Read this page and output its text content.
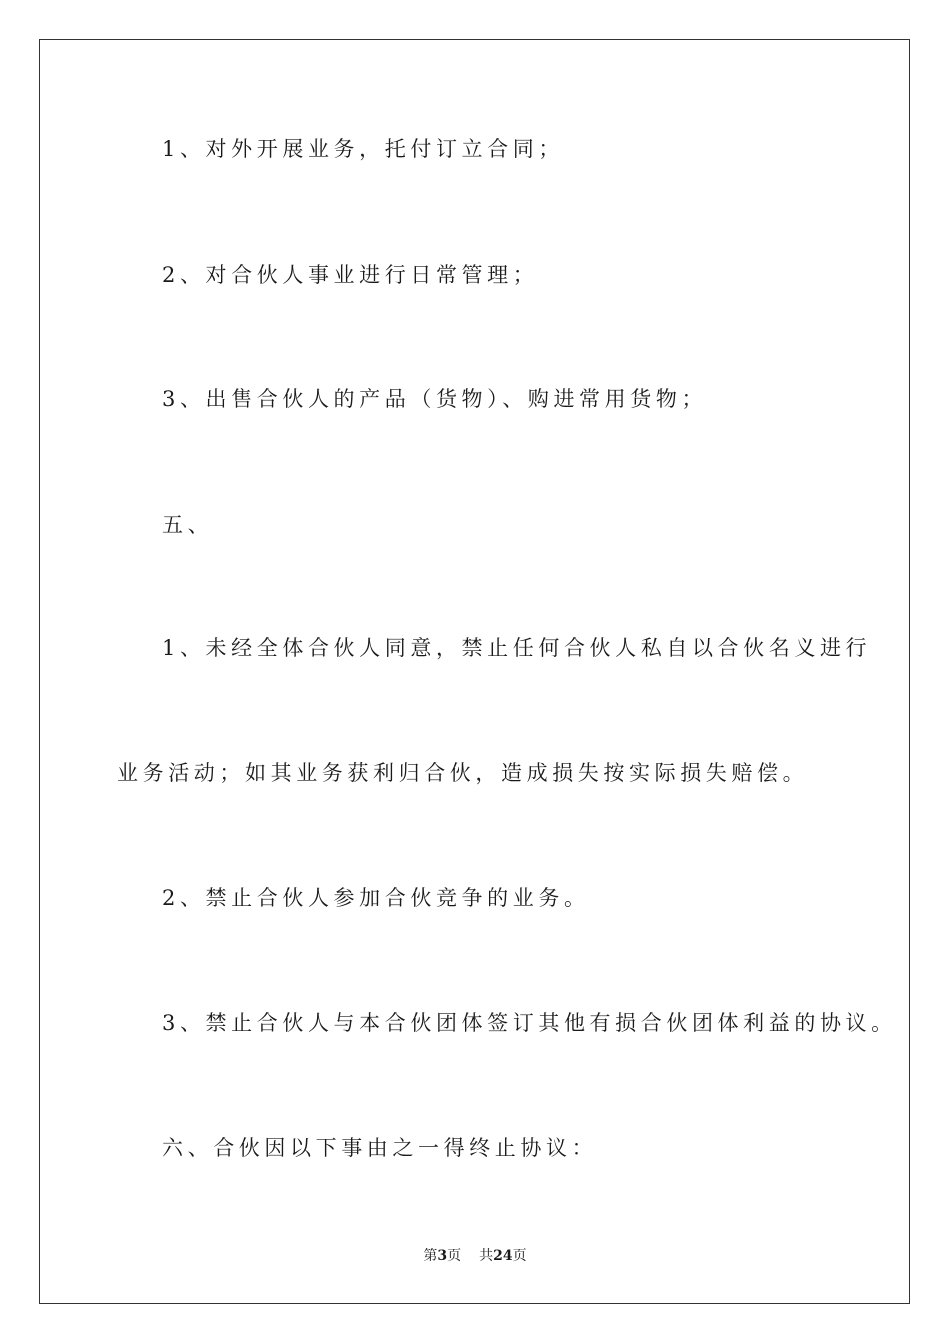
1、对外开展业务，托付订立合同；
2、对合伙人事业进行日常管理；
3、出售合伙人的产品（货物）、购进常用货物；
五、
1、未经全体合伙人同意，禁止任何合伙人私自以合伙名义进行
业务活动；如其业务获利归合伙，造成损失按实际损失赔偿。
2、禁止合伙人参加合伙竞争的业务。
3、禁止合伙人与本合伙团体签订其他有损合伙团体利益的协议。
六、合伙因以下事由之一得终止协议：
第3页 共24页
